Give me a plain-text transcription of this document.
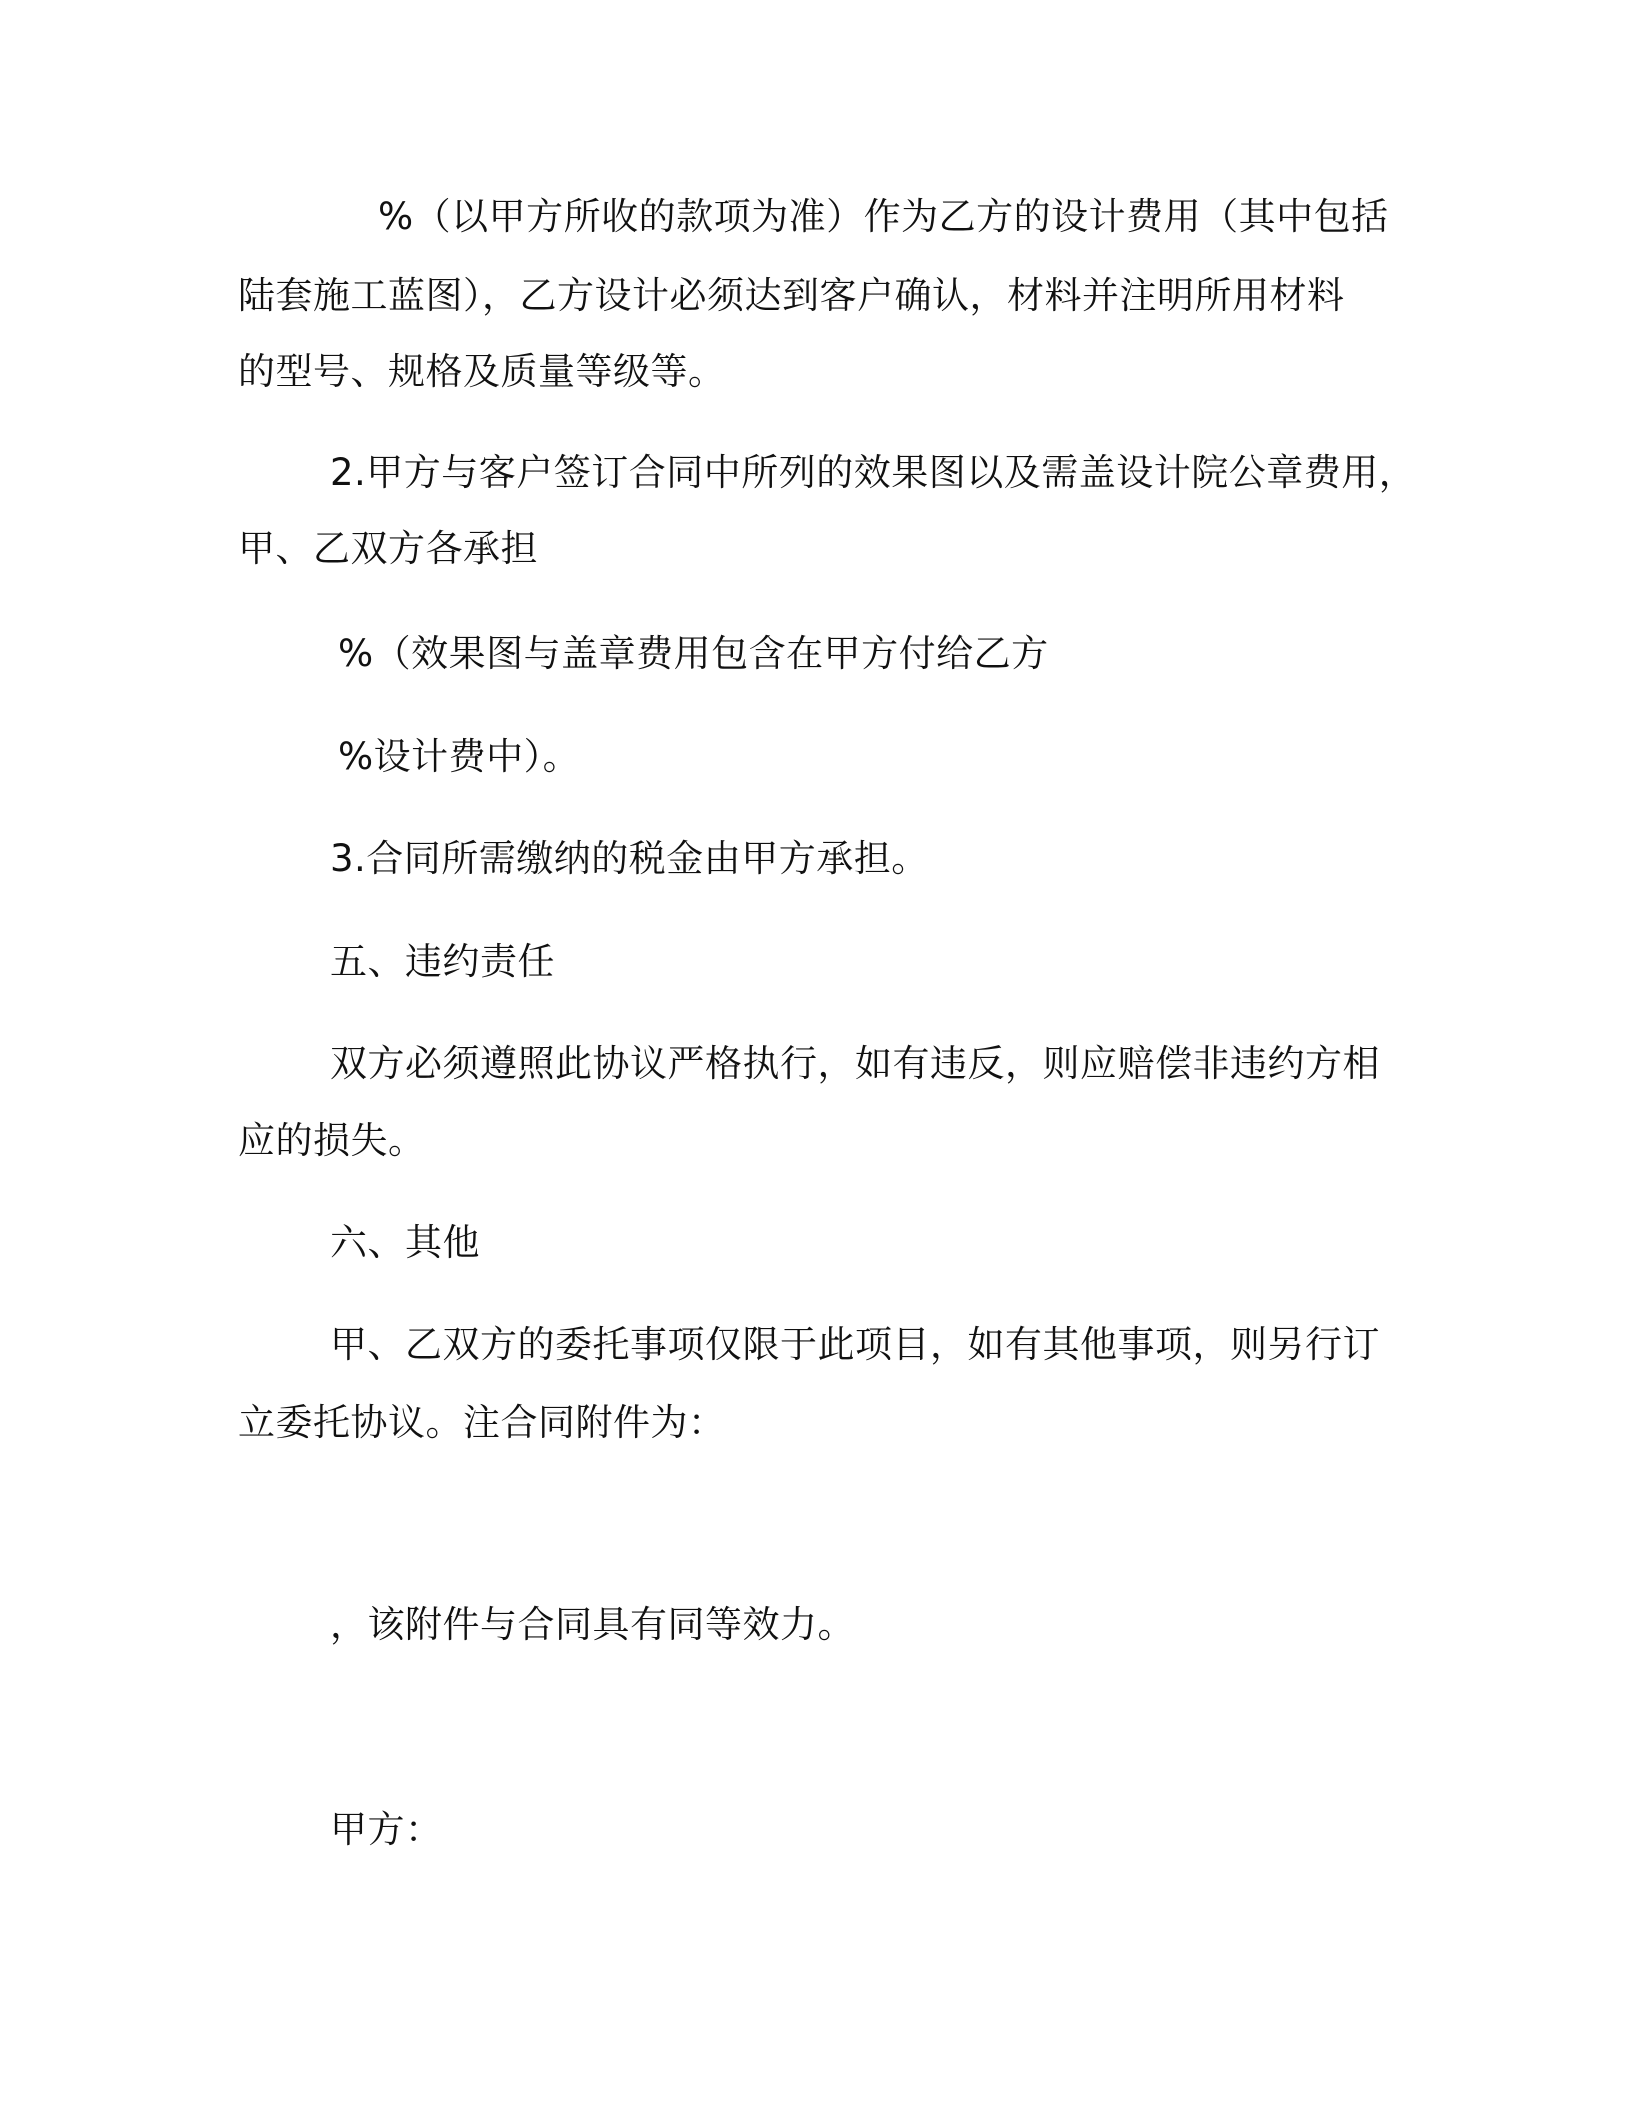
%（以甲方所收的款项为准）作为乙方的设计费用（其中包括
陆套施工蓝图），乙方设计必须达到客户确认，材料并注明所用材料
的型号、规格及质量等级等。
2.甲方与客户签订合同中所列的效果图以及需盖设计院公章费用，
甲、乙双方各承担
%（效果图与盖章费用包含在甲方付给乙方
%设计费中）。
3.合同所需缴纳的税金由甲方承担。
五、违约责任
双方必须遵照此协议严格执行，如有违反，则应赔偿非违约方相
应的损失。
六、其他
甲、乙双方的委托事项仅限于此项目，如有其他事项，则另行订
立委托协议。注合同附件为：
，该附件与合同具有同等效力。
甲方：
